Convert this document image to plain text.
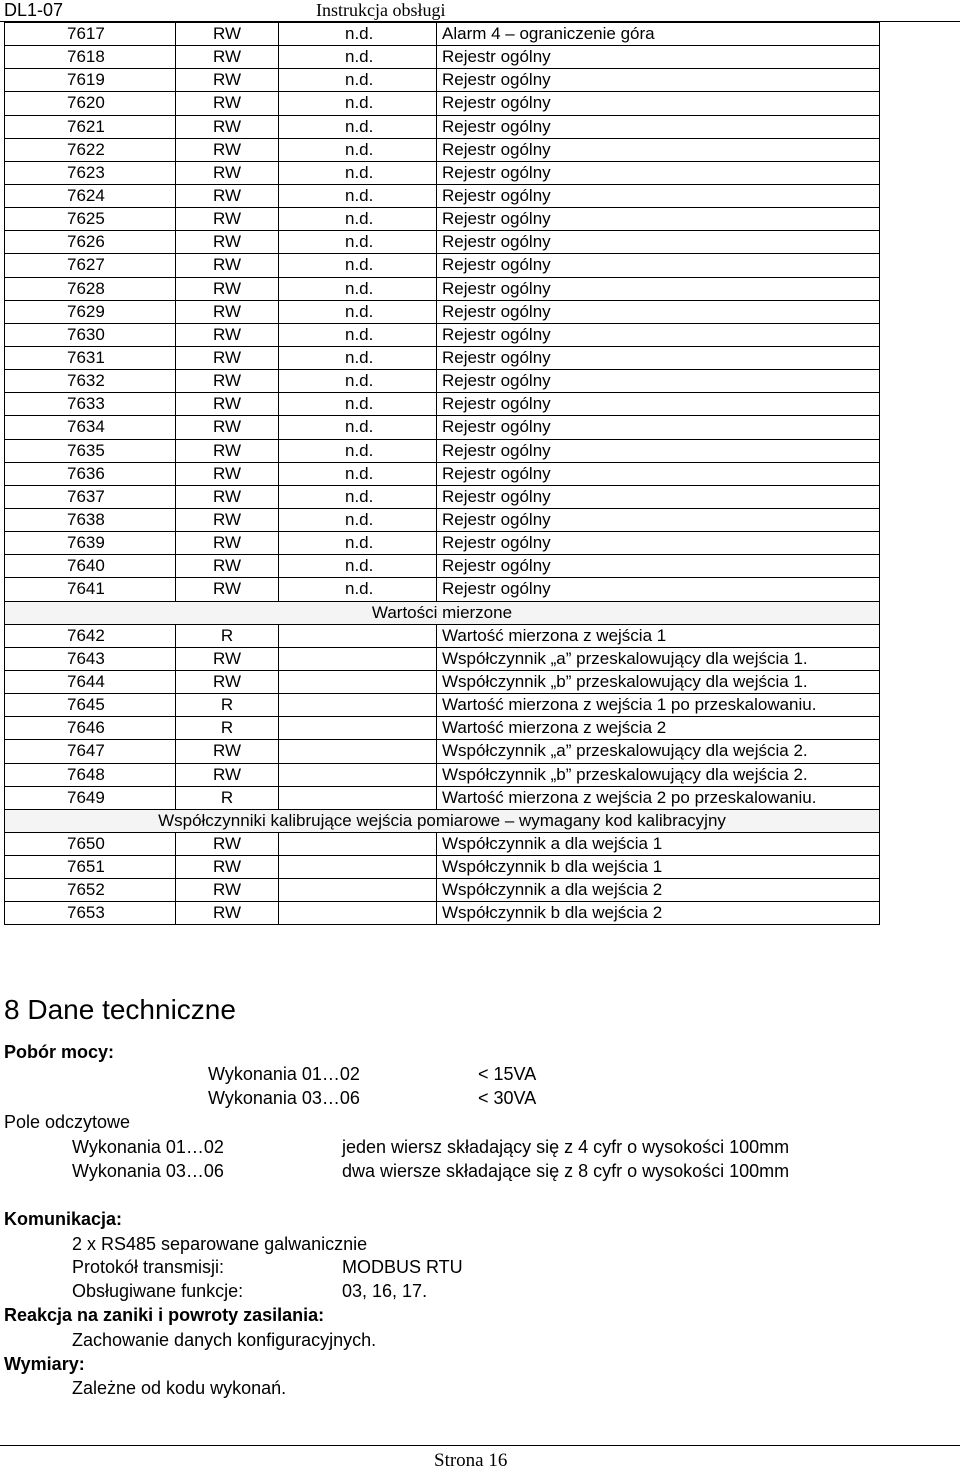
DL1-07	Instrukcja obsługi
7617	RW	n.d.	Alarm 4 – ograniczenie góra
7618	RW	n.d.	Rejestr ogólny
7619	RW	n.d.	Rejestr ogólny
7620	RW	n.d.	Rejestr ogólny
7621	RW	n.d.	Rejestr ogólny
7622	RW	n.d.	Rejestr ogólny
7623	RW	n.d.	Rejestr ogólny
7624	RW	n.d.	Rejestr ogólny
7625	RW	n.d.	Rejestr ogólny
7626	RW	n.d.	Rejestr ogólny
7627	RW	n.d.	Rejestr ogólny
7628	RW	n.d.	Rejestr ogólny
7629	RW	n.d.	Rejestr ogólny
7630	RW	n.d.	Rejestr ogólny
7631	RW	n.d.	Rejestr ogólny
7632	RW	n.d.	Rejestr ogólny
7633	RW	n.d.	Rejestr ogólny
7634	RW	n.d.	Rejestr ogólny
7635	RW	n.d.	Rejestr ogólny
7636	RW	n.d.	Rejestr ogólny
7637	RW	n.d.	Rejestr ogólny
7638	RW	n.d.	Rejestr ogólny
7639	RW	n.d.	Rejestr ogólny
7640	RW	n.d.	Rejestr ogólny
7641	RW	n.d.	Rejestr ogólny
Wartości mierzone			
7642	R		Wartość mierzona z wejścia 1
7643	RW		Współczynnik „a” przeskalowujący dla wejścia 1.
7644	RW		Współczynnik „b” przeskalowujący dla wejścia 1.
7645	R		Wartość mierzona z wejścia 1 po przeskalowaniu.
7646	R		Wartość mierzona z wejścia 2
7647	RW		Współczynnik „a” przeskalowujący dla wejścia 2.
7648	RW		Współczynnik „b” przeskalowujący dla wejścia 2.
7649	R		Wartość mierzona z wejścia 2 po przeskalowaniu.
Współczynniki kalibrujące wejścia pomiarowe – wymagany kod kalibracyjny			
7650	RW		Współczynnik a dla wejścia 1
7651	RW		Współczynnik b dla wejścia 1
7652	RW		Współczynnik a dla wejścia 2
7653	RW		Współczynnik b dla wejścia 2
8 Dane techniczne
Pobór mocy:
Wykonania 01…02	< 15VA
Wykonania 03…06	< 30VA
Pole odczytowe
Wykonania 01…02	jeden wiersz składający się z 4 cyfr o wysokości 100mm
Wykonania 03…06	dwa wiersze składające się z 8 cyfr o wysokości 100mm
Komunikacja:
2 x RS485 separowane galwanicznie
Protokół transmisji:	MODBUS RTU
Obsługiwane funkcje:	03, 16, 17.
Reakcja na zaniki i powroty zasilania:
Zachowanie danych konfiguracyjnych.
Wymiary:
Zależne od kodu wykonań.
Strona 16
